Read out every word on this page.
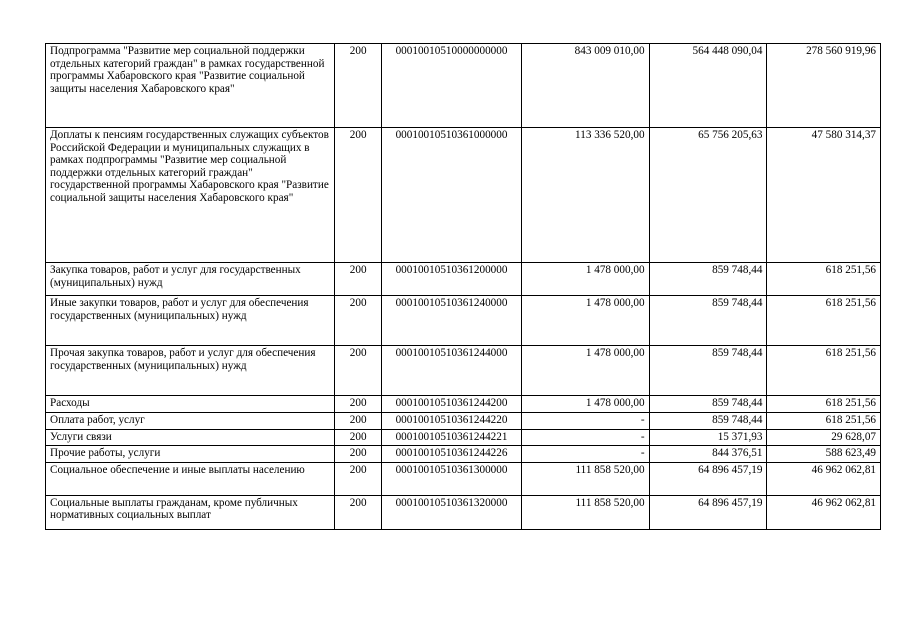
Подпрограмма "Развитие мер социальной поддержки отдельных категорий граждан" в рамках государственной программы Хабаровского края "Развитие социальной защиты населения Хабаровского края"	200	00010010510000000000	843 009 010,00	564 448 090,04	278 560 919,96
Доплаты к пенсиям государственных служащих субъектов Российской Федерации и муниципальных служащих в рамках подпрограммы "Развитие мер социальной поддержки отдельных категорий граждан" государственной программы Хабаровского края "Развитие социальной защиты населения Хабаровского края"	200	00010010510361000000	113 336 520,00	65 756 205,63	47 580 314,37
Закупка товаров, работ и услуг для государственных (муниципальных) нужд	200	00010010510361200000	1 478 000,00	859 748,44	618 251,56
Иные закупки товаров, работ и услуг для обеспечения государственных (муниципальных) нужд	200	00010010510361240000	1 478 000,00	859 748,44	618 251,56
Прочая закупка товаров, работ и услуг для обеспечения государственных (муниципальных) нужд	200	00010010510361244000	1 478 000,00	859 748,44	618 251,56
Расходы	200	00010010510361244200	1 478 000,00	859 748,44	618 251,56
Оплата работ, услуг	200	00010010510361244220	-	859 748,44	618 251,56
Услуги связи	200	00010010510361244221	-	15 371,93	29 628,07
Прочие работы, услуги	200	00010010510361244226	-	844 376,51	588 623,49
Социальное обеспечение и иные выплаты населению	200	00010010510361300000	111 858 520,00	64 896 457,19	46 962 062,81
Социальные выплаты гражданам, кроме публичных нормативных социальных выплат	200	00010010510361320000	111 858 520,00	64 896 457,19	46 962 062,81
